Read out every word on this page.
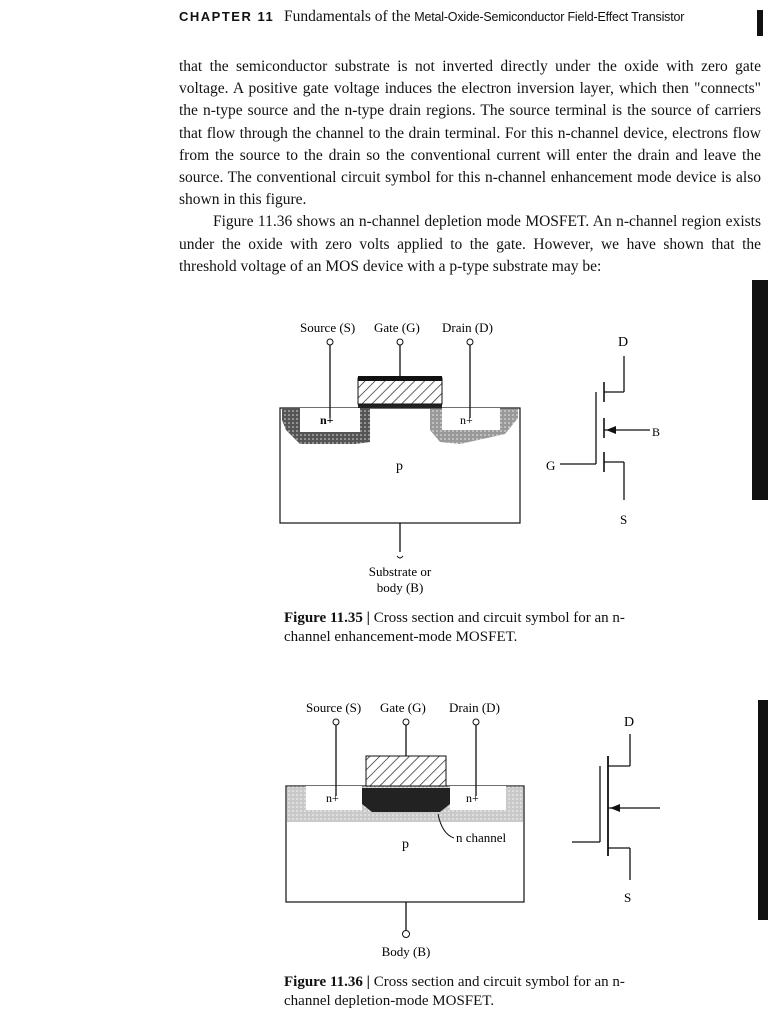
CHAPTER 11 Fundamentals of the Metal-Oxide-Semiconductor Field-Effect Transistor

that the semiconductor substrate is not inverted directly under the oxide with zero gate voltage. A positive gate voltage induces the electron inversion layer, which then "connects" the n-type source and the n-type drain regions. The source terminal is the source of carriers that flow through the channel to the drain terminal. For this n-channel device, electrons flow from the source to the drain so the conventional current will enter the drain and leave the source. The conventional circuit symbol for this n-channel enhancement mode device is also shown in this figure.

Figure 11.36 shows an n-channel depletion mode MOSFET. An n-channel region exists under the oxide with zero volts applied to the gate. However, we have shown that the threshold voltage of an MOS device with a p-type substrate may be:

Source (S) Gate (G) Drain (D)
n+	n+
p
Substrate or
body (B)
D
G
S
B
Figure 11.35 | Cross section and circuit symbol for an n-channel enhancement-mode MOSFET.
Source (S) Gate (G) Drain (D)
n+	n+
p	n channel
Body (B)
D
S
Figure 11.36 | Cross section and circuit symbol for an n-channel depletion-mode MOSFET.
